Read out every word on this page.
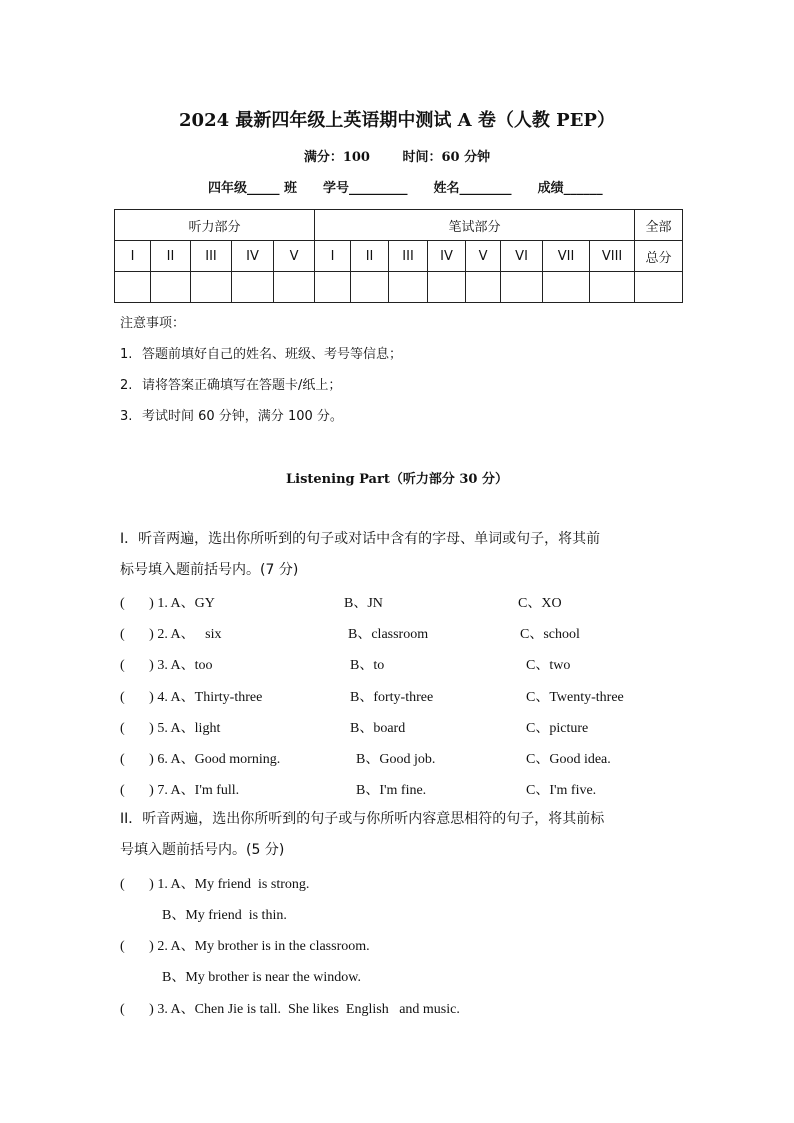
2024 最新四年级上英语期中测试 A 卷（人教 PEP）
满分：100	时间：60 分钟
四年级_____ 班 学号_________ 姓名________ 成绩______
听力部分					笔试部分								全部
I	II	III	IV	V	I	II	III	IV	V	VI	VII	VIII	总分

注意事项：
1. 答题前填好自己的姓名、班级、考号等信息；
2. 请将答案正确填写在答题卡/纸上；
3. 考试时间 60 分钟，满分 100 分。
Listening Part（听力部分 30 分）
I．听音两遍，选出你所听到的句子或对话中含有的字母、单词或句子，将其前
标号填入题前括号内。(7 分)

(       ) 1. A、GY

	B、JN

	C、XO

(       ) 2. A、   six

	B、classroom

	C、school

(       ) 3. A、too

	B、to

	C、two

(       ) 4. A、Thirty-three

	B、forty-three

	C、Twenty-three

(       ) 5. A、light

	B、board

	C、picture

(       ) 6. A、Good morning.

	B、Good job.

	C、Good idea.

(       ) 7. A、I'm full.

	B、I'm fine.

	C、I'm five.

II．听音两遍，选出你所听到的句子或与你所听内容意思相符的句子，将其前标
号填入题前括号内。(5 分)
(       ) 1. A、My friend  is strong.
B、My friend  is thin.
(       ) 2. A、My brother is in the classroom.
B、My brother is near the window.
(       ) 3. A、Chen Jie is tall.  She likes  English   and music.
